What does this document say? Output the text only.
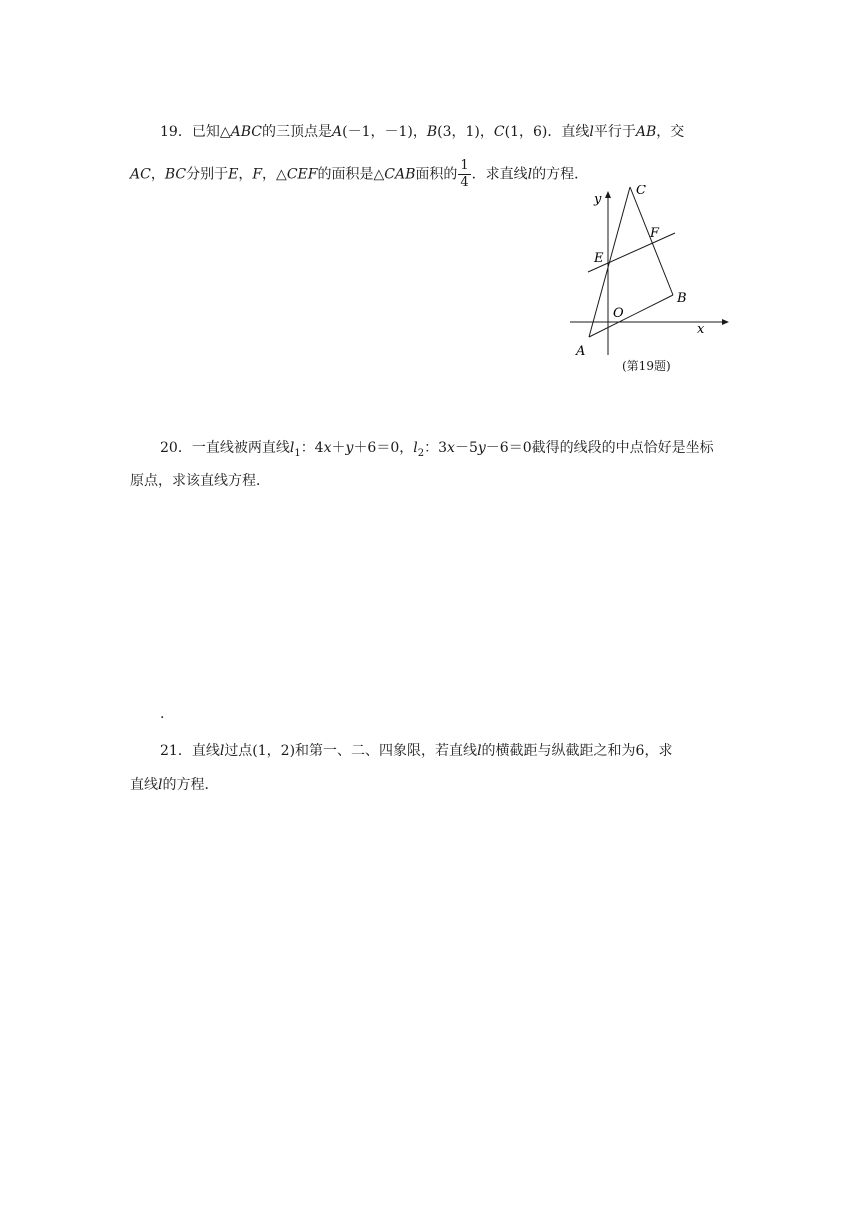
19．已知△ABC的三顶点是A(－1，－1)，B(3，1)，C(1，6)．直线l平行于AB，交
AC，BC分别于E，F，△CEF的面积是△CAB面积的 $\frac{1}{4}$ ．求直线l的方程．
y
C
F
E
B
O
x
A
(第19题)
20．一直线被两直线$l_1$：4x＋y＋6＝0，$l_2$：3x－5y－6＝0截得的线段的中点恰好是坐标
原点，求该直线方程．
.
21．直线l过点(1，2)和第一、二、四象限，若直线l的横截距与纵截距之和为6，求
直线l的方程．
